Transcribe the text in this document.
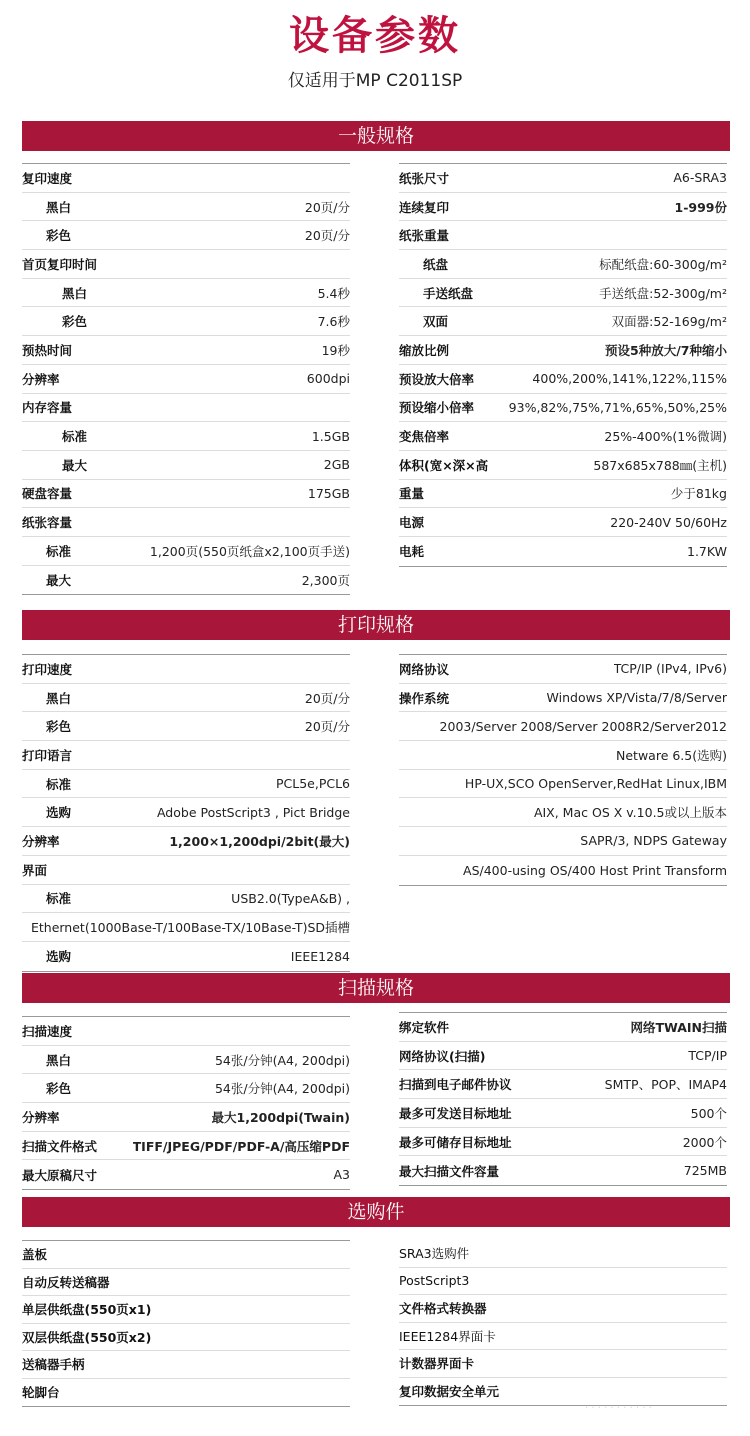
设备参数
仅适用于MP C2011SP
一般规格
复印速度
黑白	20页/分
彩色	20页/分
首页复印时间
黑白	5.4秒
彩色	7.6秒
预热时间	19秒
分辨率	600dpi
内存容量
标准	1.5GB
最大	2GB
硬盘容量	175GB
纸张容量
标准	1,200页(550页纸盒x2,100页手送)
最大	2,300页
纸张尺寸	A6-SRA3
连续复印	1-999份
纸张重量
纸盘	标配纸盘:60-300g/m²
手送纸盘	手送纸盘:52-300g/m²
双面	双面器:52-169g/m²
缩放比例	预设5种放大/7种缩小
预设放大倍率	400%,200%,141%,122%,115%
预设缩小倍率	93%,82%,75%,71%,65%,50%,25%
变焦倍率	25%-400%(1%微调)
体积(宽×深×高	587x685x788㎜(主机)
重量	少于81kg
电源	220-240V 50/60Hz
电耗	1.7KW
打印规格
打印速度
黑白	20页/分
彩色	20页/分
打印语言
标准	PCL5e,PCL6
选购	Adobe PostScript3 , Pict Bridge
分辨率	1,200×1,200dpi/2bit(最大)
界面
标准	USB2.0(TypeA&B) ,
Ethernet(1000Base-T/100Base-TX/10Base-T)SD插槽
选购	IEEE1284
网络协议	TCP/IP (IPv4, IPv6)
操作系统	Windows XP/Vista/7/8/Server
2003/Server 2008/Server 2008R2/Server2012
Netware 6.5(选购)
HP-UX,SCO OpenServer,RedHat Linux,IBM
AIX, Mac OS X v.10.5或以上版本
SAPR/3, NDPS Gateway
AS/400-using OS/400 Host Print Transform
扫描规格
扫描速度
黑白	54张/分钟(A4, 200dpi)
彩色	54张/分钟(A4, 200dpi)
分辨率	最大1,200dpi(Twain)
扫描文件格式	TIFF/JPEG/PDF/PDF-A/高压缩PDF
最大原稿尺寸	A3
绑定软件	网络TWAIN扫描
网络协议(扫描)	TCP/IP
扫描到电子邮件协议	SMTP、POP、IMAP4
最多可发送目标地址	500个
最多可储存目标地址	2000个
最大扫描文件容量	725MB
选购件
盖板
自动反转送稿器
单层供纸盘(550页x1)
双层供纸盘(550页x2)
送稿器手柄
轮脚台
SRA3选购件
PostScript3
文件格式转换器
IEEE1284界面卡
计数器界面卡
复印数据安全单元
. . . . . . . . . . .
